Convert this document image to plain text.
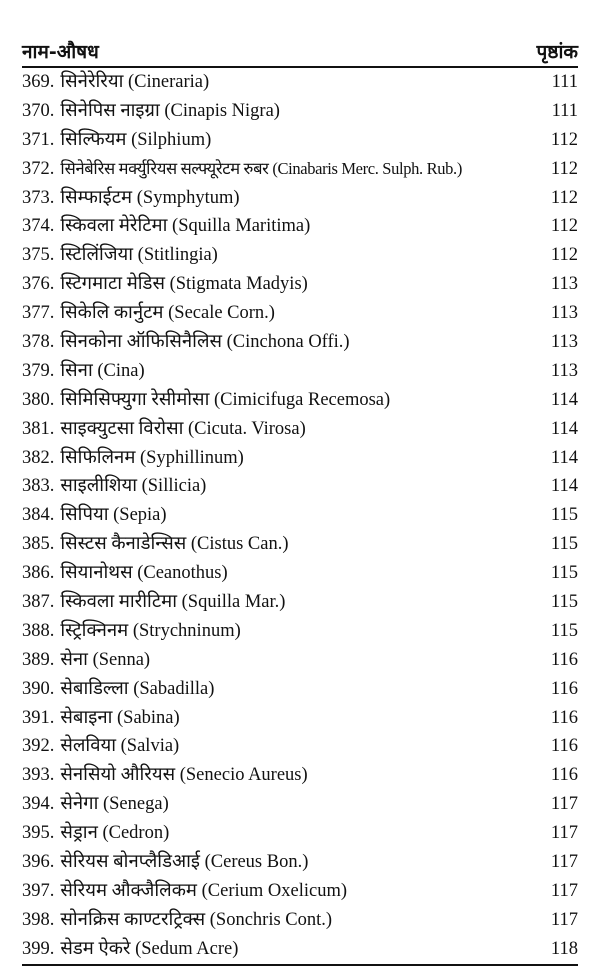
नाम-औषध	पृष्ठांक
369. सिनेरेरिया (Cineraria)	111
370. सिनेपिस नाइग्रा (Cinapis Nigra)	111
371. सिल्फियम (Silphium)	112
372. सिनेबेरिस मर्क्युरियस सल्फ्यूरेटम रुबर (Cinabaris Merc. Sulph. Rub.)	112
373. सिम्फाईटम (Symphytum)	112
374. स्किवला मेरेटिमा (Squilla Maritima)	112
375. स्टिलिंजिया (Stitlingia)	112
376. स्टिगमाटा मेडिस (Stigmata Madyis)	113
377. सिकेलि कार्नुटम (Secale Corn.)	113
378. सिनकोना ऑफिसिनैलिस (Cinchona Offi.)	113
379. सिना (Cina)	113
380. सिमिसिफ्युगा रेसीमोसा (Cimicifuga Recemosa)	114
381. साइक्युटसा विरोसा (Cicuta. Virosa)	114
382. सिफिलिनम (Syphillinum)	114
383. साइलीशिया (Sillicia)	114
384. सिपिया (Sepia)	115
385. सिस्टस कैनाडेन्सिस (Cistus Can.)	115
386. सियानोथस (Ceanothus)	115
387. स्किवला मारीटिमा (Squilla Mar.)	115
388. स्ट्रिक्निनम (Strychninum)	115
389. सेना (Senna)	116
390. सेबाडिल्ला (Sabadilla)	116
391. सेबाइना (Sabina)	116
392. सेलविया (Salvia)	116
393. सेनसियो औरियस (Senecio Aureus)	116
394. सेनेगा (Senega)	117
395. सेड्रान (Cedron)	117
396. सेरियस बोनप्लैडिआई (Cereus Bon.)	117
397. सेरियम औक्जैलिकम (Cerium Oxelicum)	117
398. सोनक्रिस काण्टरट्रिक्स (Sonchris Cont.)	117
399. सेडम ऐकरे (Sedum Acre)	118
